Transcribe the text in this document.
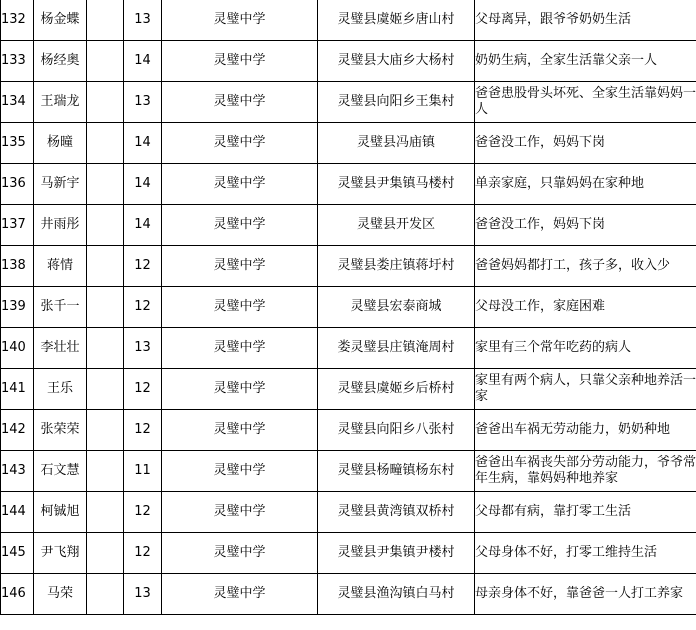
132	杨金蝶		13	灵璧中学	灵璧县虞姬乡唐山村	父母离异，跟爷爷奶奶生活

133	杨经奥		14	灵璧中学	灵璧县大庙乡大杨村	奶奶生病，全家生活靠父亲一人

134	王瑞龙		13	灵璧中学	灵璧县向阳乡王集村	爸爸患股骨头坏死、全家生活靠妈妈一人

135	杨曈		14	灵璧中学	灵璧县冯庙镇	爸爸没工作，妈妈下岗

136	马新宇		14	灵璧中学	灵璧县尹集镇马楼村	单亲家庭，只靠妈妈在家种地

137	井雨彤		14	灵璧中学	灵璧县开发区	爸爸没工作，妈妈下岗

138	蒋情		12	灵璧中学	灵璧县娄庄镇蒋圩村	爸爸妈妈都打工，孩子多，收入少

139	张千一		12	灵璧中学	灵璧县宏泰商城	父母没工作，家庭困难

140	李壮壮		13	灵璧中学	娄灵璧县庄镇淹周村	家里有三个常年吃药的病人

141	王乐		12	灵璧中学	灵璧县虞姬乡后桥村	家里有两个病人，只靠父亲种地养活一家

142	张荣荣		12	灵璧中学	灵璧县向阳乡八张村	爸爸出车祸无劳动能力，奶奶种地

143	石文慧		11	灵璧中学	灵璧县杨疃镇杨东村	爸爸出车祸丧失部分劳动能力，爷爷常年生病，靠妈妈种地养家

144	柯铖旭		12	灵璧中学	灵璧县黄湾镇双桥村	父母都有病，靠打零工生活

145	尹飞翔		12	灵璧中学	灵璧县尹集镇尹楼村	父母身体不好，打零工维持生活

146	马荣		13	灵璧中学	灵璧县渔沟镇白马村	母亲身体不好，靠爸爸一人打工养家
